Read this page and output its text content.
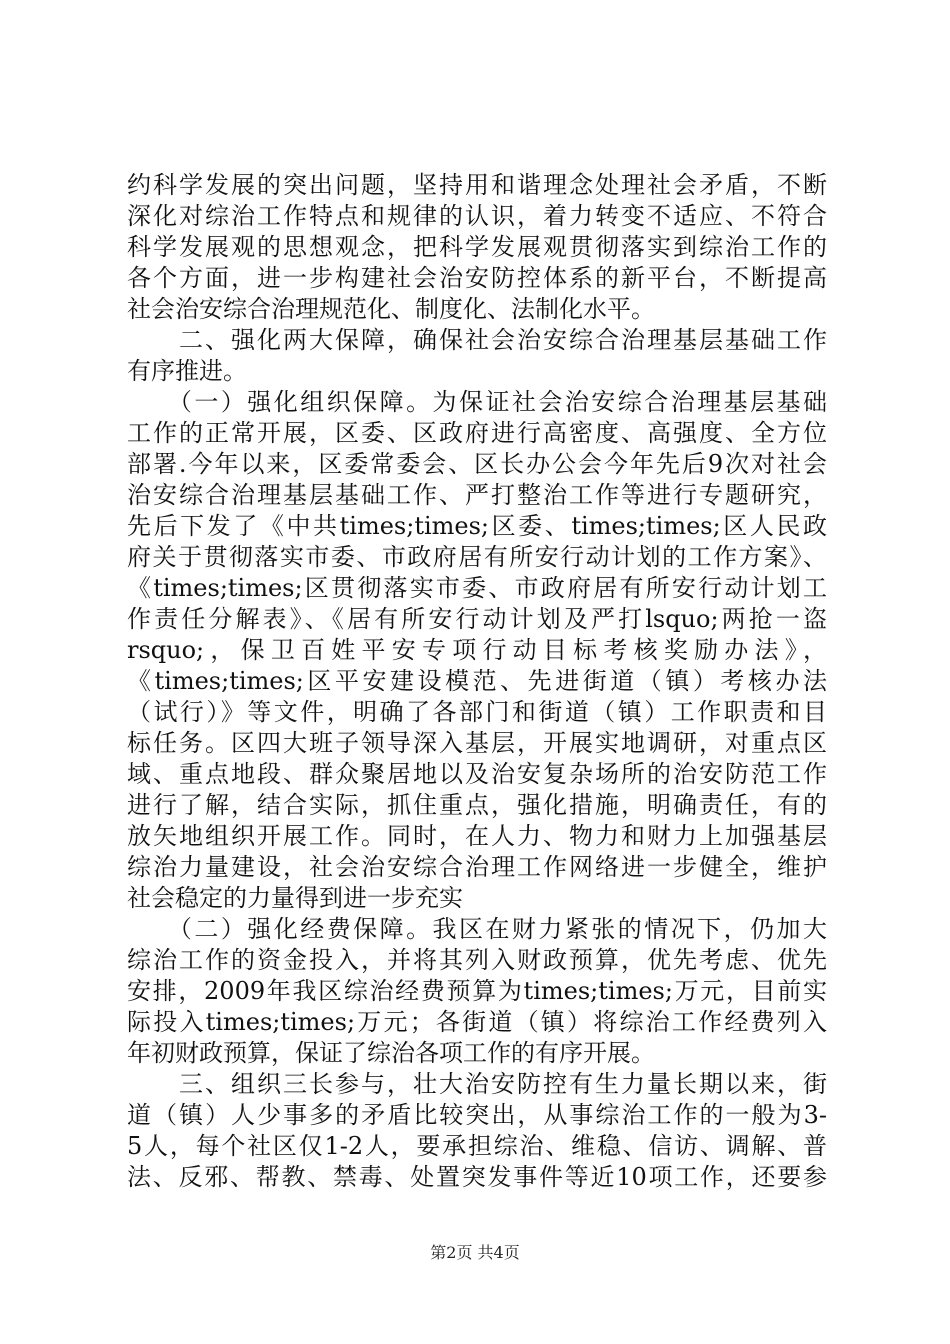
约科学发展的突出问题，坚持用和谐理念处理社会矛盾，不断
深化对综治工作特点和规律的认识，着力转变不适应、不符合
科学发展观的思想观念，把科学发展观贯彻落实到综治工作的
各个方面，进一步构建社会治安防控体系的新平台，不断提高
社会治安综合治理规范化、制度化、法制化水平。
　　二、强化两大保障，确保社会治安综合治理基层基础工作
有序推进。
　　（一）强化组织保障。为保证社会治安综合治理基层基础
工作的正常开展，区委、区政府进行高密度、高强度、全方位
部署.今年以来，区委常委会、区长办公会今年先后9次对社会
治安综合治理基层基础工作、严打整治工作等进行专题研究，
先后下发了《中共times;times;区委、times;times;区人民政
府关于贯彻落实市委、市政府居有所安行动计划的工作方案》、
《times;times;区贯彻落实市委、市政府居有所安行动计划工
作责任分解表》、《居有所安行动计划及严打lsquo;两抢一盗
rsquo;，保卫百姓平安专项行动目标考核奖励办法》，
《times;times;区平安建设模范、先进街道（镇）考核办法
（试行）》等文件，明确了各部门和街道（镇）工作职责和目
标任务。区四大班子领导深入基层，开展实地调研，对重点区
域、重点地段、群众聚居地以及治安复杂场所的治安防范工作
进行了解，结合实际，抓住重点，强化措施，明确责任，有的
放矢地组织开展工作。同时，在人力、物力和财力上加强基层
综治力量建设，社会治安综合治理工作网络进一步健全，维护
社会稳定的力量得到进一步充实
　　（二）强化经费保障。我区在财力紧张的情况下，仍加大
综治工作的资金投入，并将其列入财政预算，优先考虑、优先
安排，2009年我区综治经费预算为times;times;万元，目前实
际投入times;times;万元；各街道（镇）将综治工作经费列入
年初财政预算，保证了综治各项工作的有序开展。
　　三、组织三长参与，壮大治安防控有生力量长期以来，街
道（镇）人少事多的矛盾比较突出，从事综治工作的一般为3-
5人，每个社区仅1-2人，要承担综治、维稳、信访、调解、普
法、反邪、帮教、禁毒、处置突发事件等近10项工作，还要参
第2页 共4页
